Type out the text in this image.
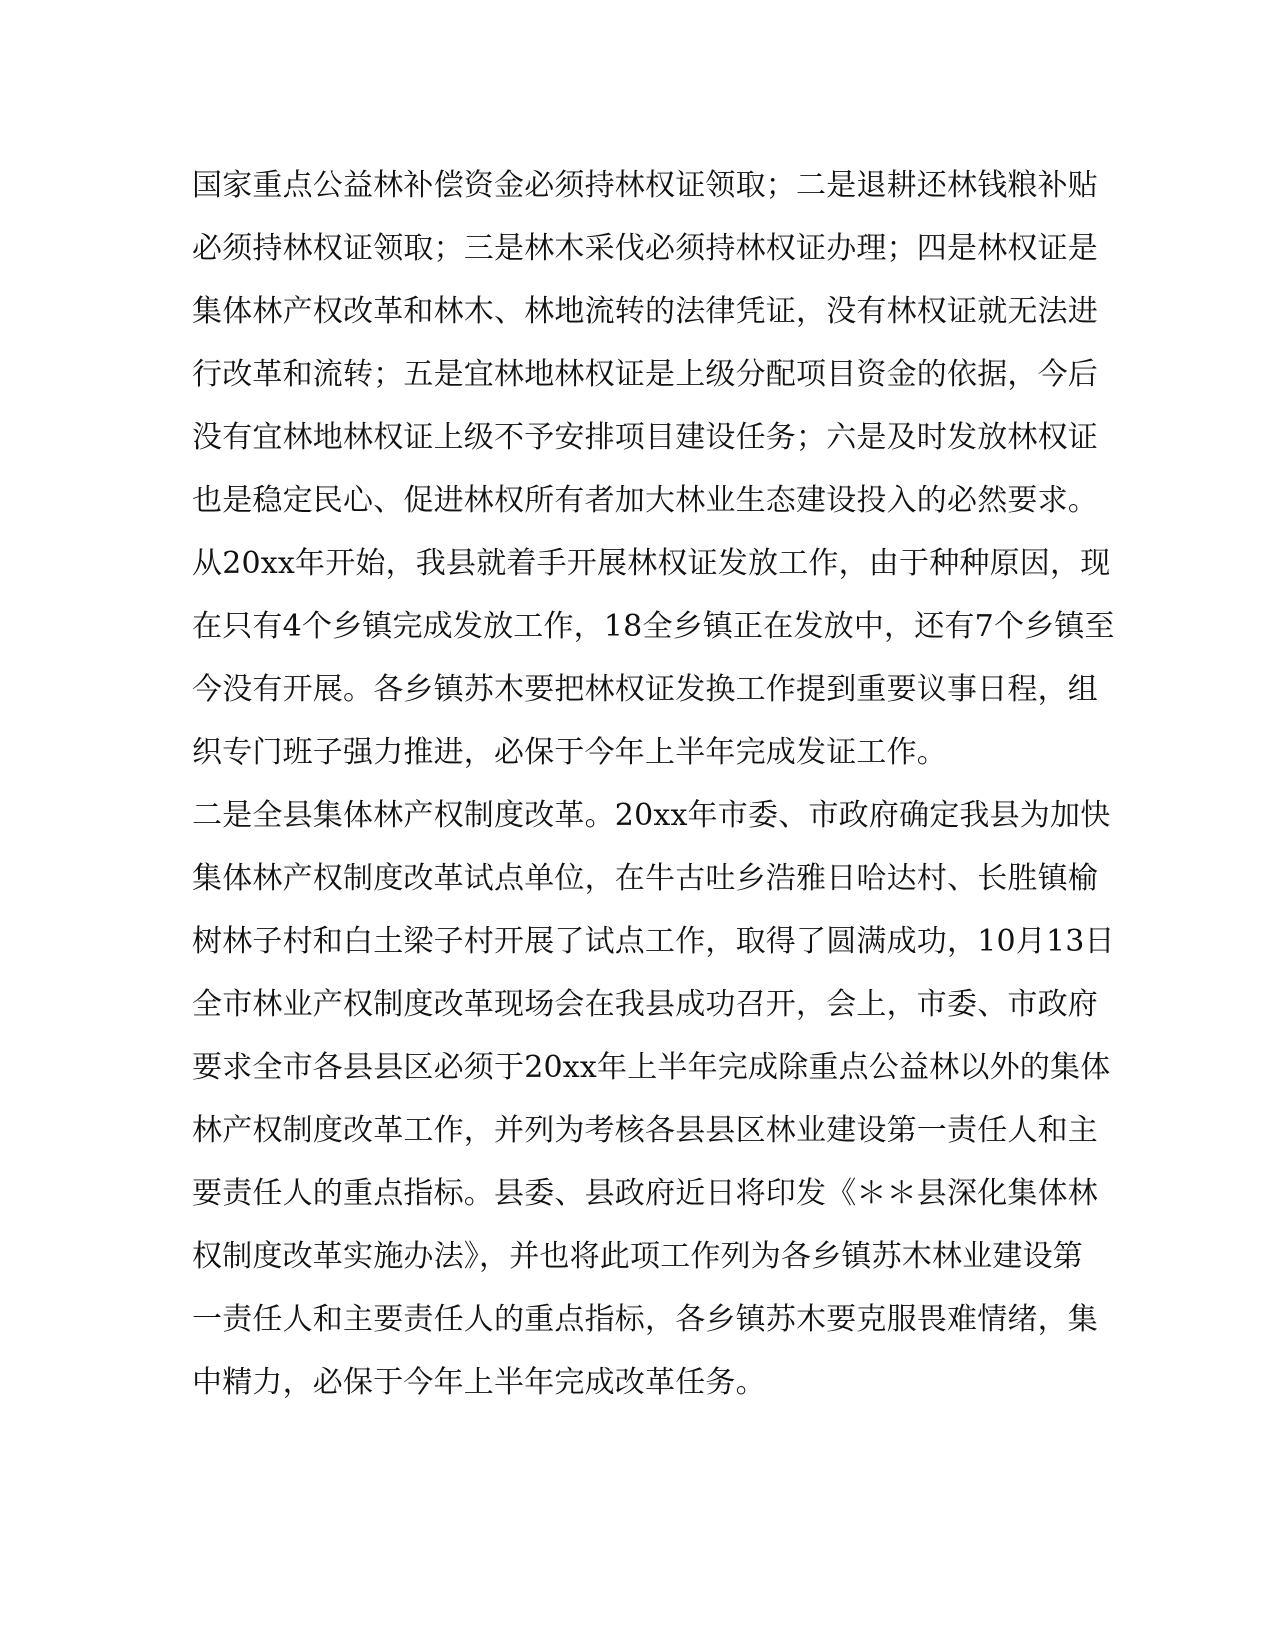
国家重点公益林补偿资金必须持林权证领取；二是退耕还林钱粮补贴
必须持林权证领取；三是林木采伐必须持林权证办理；四是林权证是
集体林产权改革和林木、林地流转的法律凭证，没有林权证就无法进
行改革和流转；五是宜林地林权证是上级分配项目资金的依据，今后
没有宜林地林权证上级不予安排项目建设任务；六是及时发放林权证
也是稳定民心、促进林权所有者加大林业生态建设投入的必然要求。
从20xx年开始，我县就着手开展林权证发放工作，由于种种原因，现
在只有4个乡镇完成发放工作，18全乡镇正在发放中，还有7个乡镇至
今没有开展。各乡镇苏木要把林权证发换工作提到重要议事日程，组
织专门班子强力推进，必保于今年上半年完成发证工作。
二是全县集体林产权制度改革。20xx年市委、市政府确定我县为加快
集体林产权制度改革试点单位，在牛古吐乡浩雅日哈达村、长胜镇榆
树林子村和白土梁子村开展了试点工作，取得了圆满成功，10月13日
全市林业产权制度改革现场会在我县成功召开，会上，市委、市政府
要求全市各县县区必须于20xx年上半年完成除重点公益林以外的集体
林产权制度改革工作，并列为考核各县县区林业建设第一责任人和主
要责任人的重点指标。县委、县政府近日将印发《＊＊县深化集体林
权制度改革实施办法》，并也将此项工作列为各乡镇苏木林业建设第
一责任人和主要责任人的重点指标，各乡镇苏木要克服畏难情绪，集
中精力，必保于今年上半年完成改革任务。
